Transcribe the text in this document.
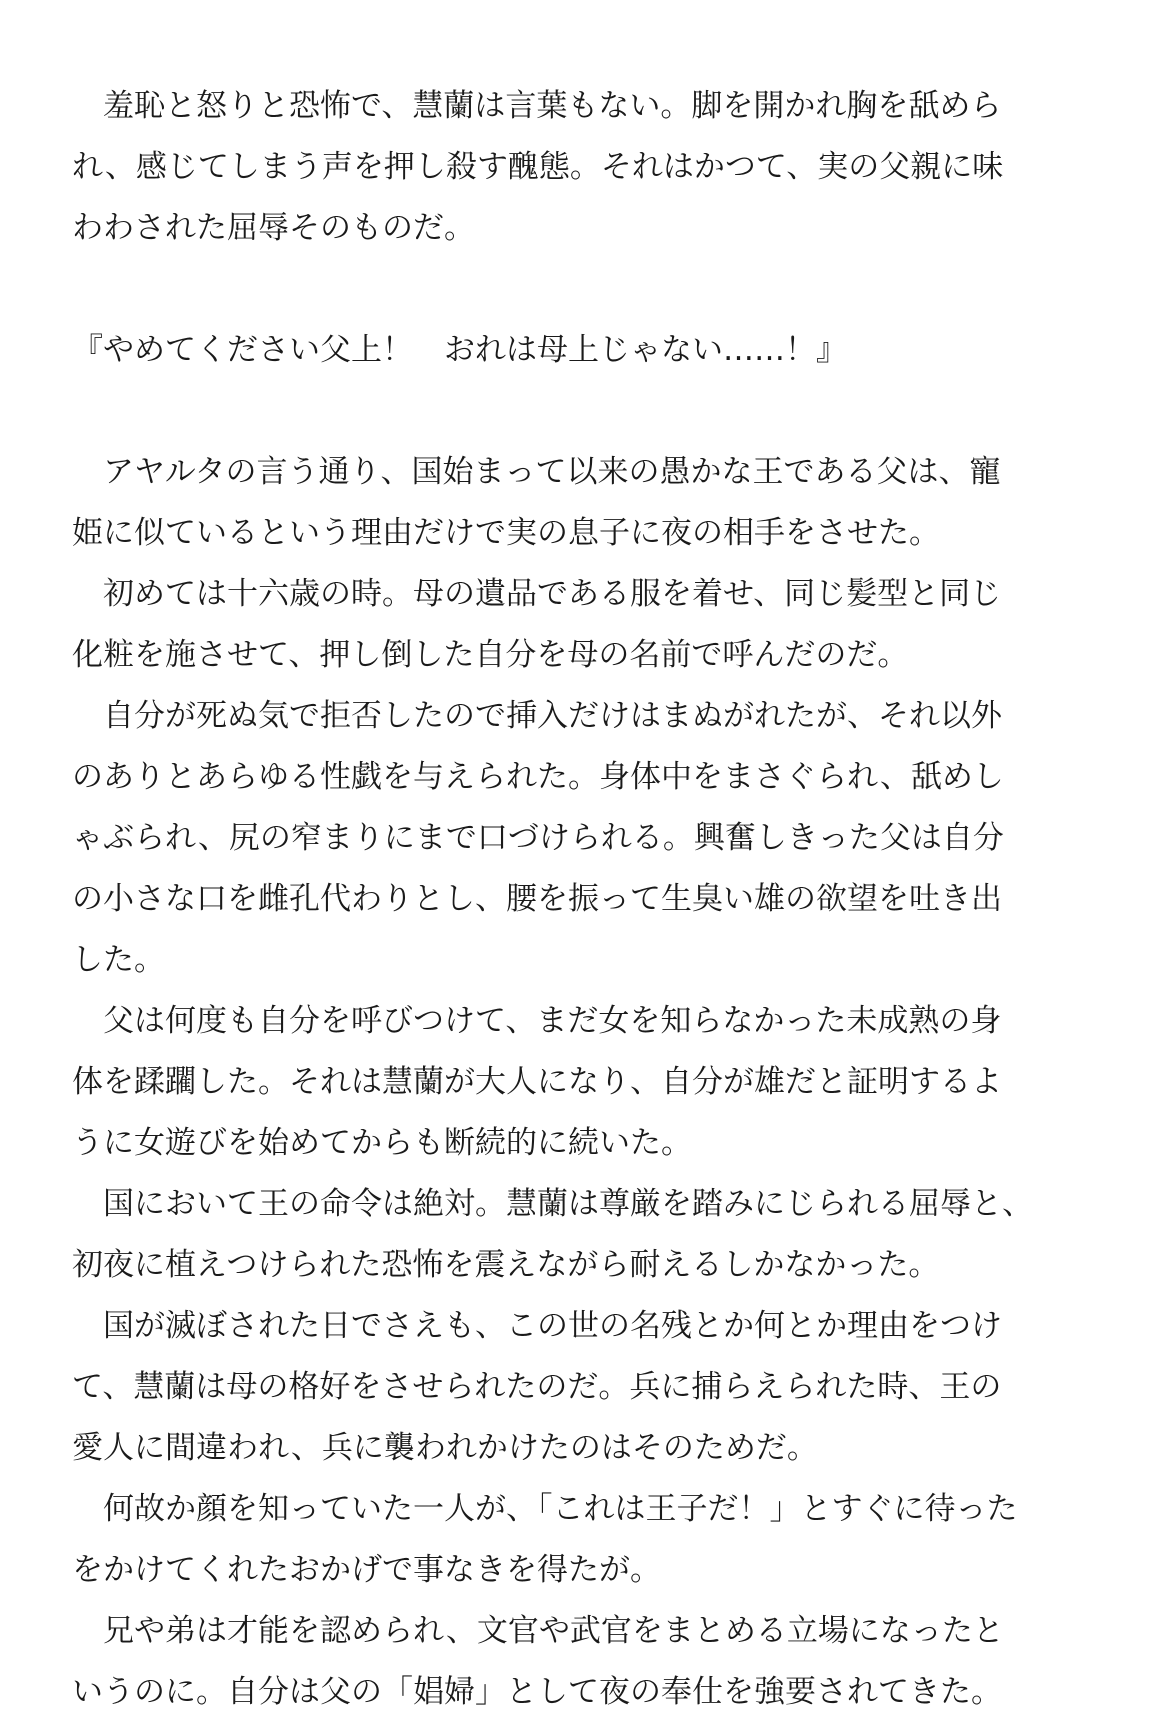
　羞恥と怒りと恐怖で、慧蘭は言葉もない。脚を開かれ胸を舐めら
れ、感じてしまう声を押し殺す醜態。それはかつて、実の父親に味
わわされた屈辱そのものだ。
『やめてください父上！　おれは母上じゃない……！』
　アヤルタの言う通り、国始まって以来の愚かな王である父は、寵
姫に似ているという理由だけで実の息子に夜の相手をさせた。
　初めては十六歳の時。母の遺品である服を着せ、同じ髪型と同じ
化粧を施させて、押し倒した自分を母の名前で呼んだのだ。
　自分が死ぬ気で拒否したので挿入だけはまぬがれたが、それ以外
のありとあらゆる性戯を与えられた。身体中をまさぐられ、舐めし
ゃぶられ、尻の窄まりにまで口づけられる。興奮しきった父は自分
の小さな口を雌孔代わりとし、腰を振って生臭い雄の欲望を吐き出
した。
　父は何度も自分を呼びつけて、まだ女を知らなかった未成熟の身
体を蹂躙した。それは慧蘭が大人になり、自分が雄だと証明するよ
うに女遊びを始めてからも断続的に続いた。
　国において王の命令は絶対。慧蘭は尊厳を踏みにじられる屈辱と、
初夜に植えつけられた恐怖を震えながら耐えるしかなかった。
　国が滅ぼされた日でさえも、この世の名残とか何とか理由をつけ
て、慧蘭は母の格好をさせられたのだ。兵に捕らえられた時、王の
愛人に間違われ、兵に襲われかけたのはそのためだ。
　何故か顔を知っていた一人が、「これは王子だ！」とすぐに待った
をかけてくれたおかげで事なきを得たが。
　兄や弟は才能を認められ、文官や武官をまとめる立場になったと
いうのに。自分は父の「娼婦」として夜の奉仕を強要されてきた。
